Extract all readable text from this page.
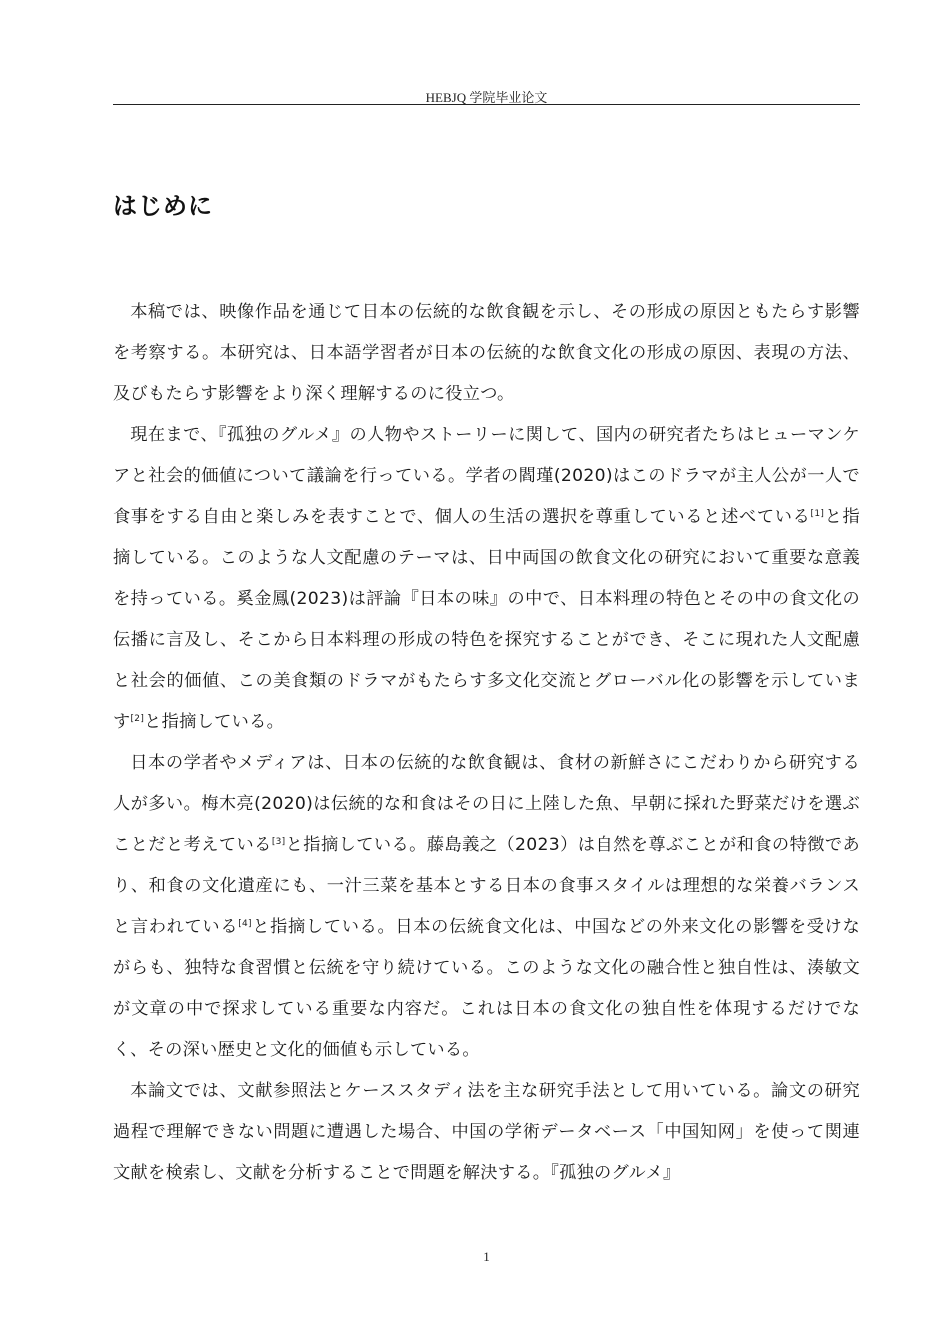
HEBJQ 学院毕业论文
はじめに

本稿では、映像作品を通じて日本の伝統的な飲食観を示し、その形成の原因ともたらす影響を考察する。本研究は、日本語学習者が日本の伝統的な飲食文化の形成の原因、表現の方法、及びもたらす影響をより深く理解するのに役立つ。

現在まで、『孤独のグルメ』の人物やストーリーに関して、国内の研究者たちはヒューマンケアと社会的価値について議論を行っている。学者の閻瑾(2020)はこのドラマが主人公が一人で食事をする自由と楽しみを表すことで、個人の生活の選択を尊重していると述べている[1]と指摘している。このような人文配慮のテーマは、日中両国の飲食文化の研究において重要な意義を持っている。奚金鳳(2023)は評論『日本の味』の中で、日本料理の特色とその中の食文化の伝播に言及し、そこから日本料理の形成の特色を探究することができ、そこに現れた人文配慮と社会的価値、この美食類のドラマがもたらす多文化交流とグローバル化の影響を示しています[2]と指摘している。

日本の学者やメディアは、日本の伝統的な飲食観は、食材の新鮮さにこだわりから研究する人が多い。梅木亮(2020)は伝統的な和食はその日に上陸した魚、早朝に採れた野菜だけを選ぶことだと考えている[3]と指摘している。藤島義之（2023）は自然を尊ぶことが和食の特徴であり、和食の文化遺産にも、一汁三菜を基本とする日本の食事スタイルは理想的な栄養バランスと言われている[4]と指摘している。日本の伝統食文化は、中国などの外来文化の影響を受けながらも、独特な食習慣と伝統を守り続けている。このような文化の融合性と独自性は、湊敏文が文章の中で探求している重要な内容だ。これは日本の食文化の独自性を体現するだけでなく、その深い歴史と文化的価値も示している。

本論文では、文献参照法とケーススタディ法を主な研究手法として用いている。論文の研究過程で理解できない問題に遭遇した場合、中国の学術データベース「中国知网」を使って関連文献を検索し、文献を分析することで問題を解決する。『孤独のグルメ』

1
